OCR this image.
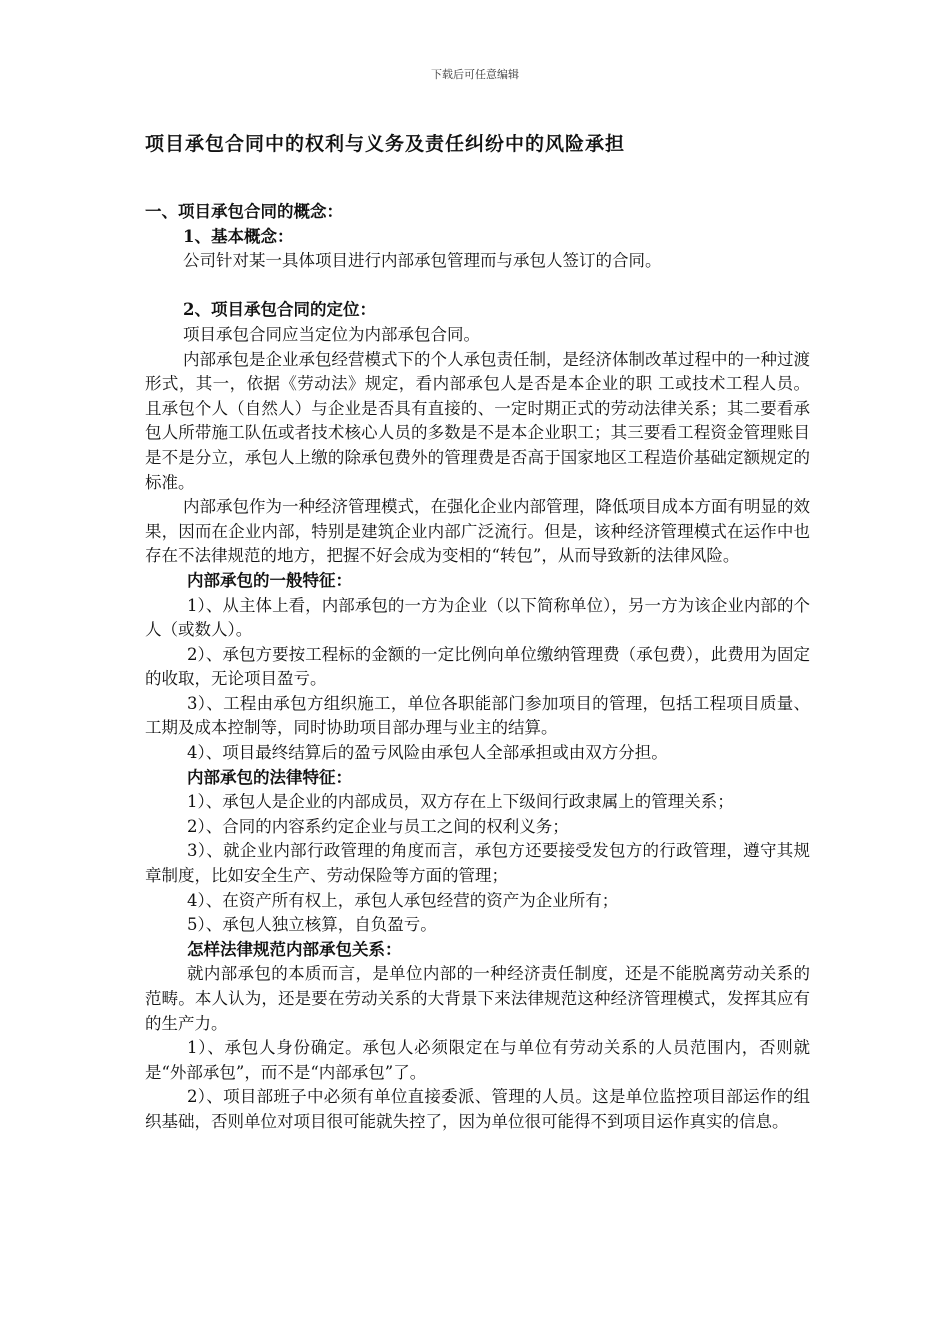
下载后可任意编辑
项目承包合同中的权利与义务及责任纠纷中的风险承担

一、项目承包合同的概念：

1、基本概念：

公司针对某一具体项目进行内部承包管理而与承包人签订的合同。

2、项目承包合同的定位：

项目承包合同应当定位为内部承包合同。

内部承包是企业承包经营模式下的个人承包责任制，是经济体制改革过程中的一种过渡形式，其一，依据《劳动法》规定，看内部承包人是否是本企业的职 工或技术工程人员。且承包个人（自然人）与企业是否具有直接的、一定时期正式的劳动法律关系；其二要看承包人所带施工队伍或者技术核心人员的多数是不是本企业职工；其三要看工程资金管理账目是不是分立，承包人上缴的除承包费外的管理费是否高于国家地区工程造价基础定额规定的标准。

内部承包作为一种经济管理模式，在强化企业内部管理，降低项目成本方面有明显的效果，因而在企业内部，特别是建筑企业内部广泛流行。但是，该种经济管理模式在运作中也存在不法律规范的地方，把握不好会成为变相的“转包”，从而导致新的法律风险。

内部承包的一般特征：

1）、从主体上看，内部承包的一方为企业（以下简称单位），另一方为该企业内部的个人（或数人）。

2）、承包方要按工程标的金额的一定比例向单位缴纳管理费（承包费），此费用为固定的收取，无论项目盈亏。

3）、工程由承包方组织施工，单位各职能部门参加项目的管理，包括工程项目质量、工期及成本控制等，同时协助项目部办理与业主的结算。

4）、项目最终结算后的盈亏风险由承包人全部承担或由双方分担。

内部承包的法律特征：

1）、承包人是企业的内部成员，双方存在上下级间行政隶属上的管理关系；

2）、合同的内容系约定企业与员工之间的权利义务；

3）、就企业内部行政管理的角度而言，承包方还要接受发包方的行政管理，遵守其规章制度，比如安全生产、劳动保险等方面的管理；

4）、在资产所有权上，承包人承包经营的资产为企业所有；

5）、承包人独立核算，自负盈亏。

怎样法律规范内部承包关系：

就内部承包的本质而言，是单位内部的一种经济责任制度，还是不能脱离劳动关系的范畴。本人认为，还是要在劳动关系的大背景下来法律规范这种经济管理模式，发挥其应有的生产力。

1）、承包人身份确定。承包人必须限定在与单位有劳动关系的人员范围内，否则就是“外部承包”，而不是“内部承包”了。

2）、项目部班子中必须有单位直接委派、管理的人员。这是单位监控项目部运作的组织基础，否则单位对项目很可能就失控了，因为单位很可能得不到项目运作真实的信息。
